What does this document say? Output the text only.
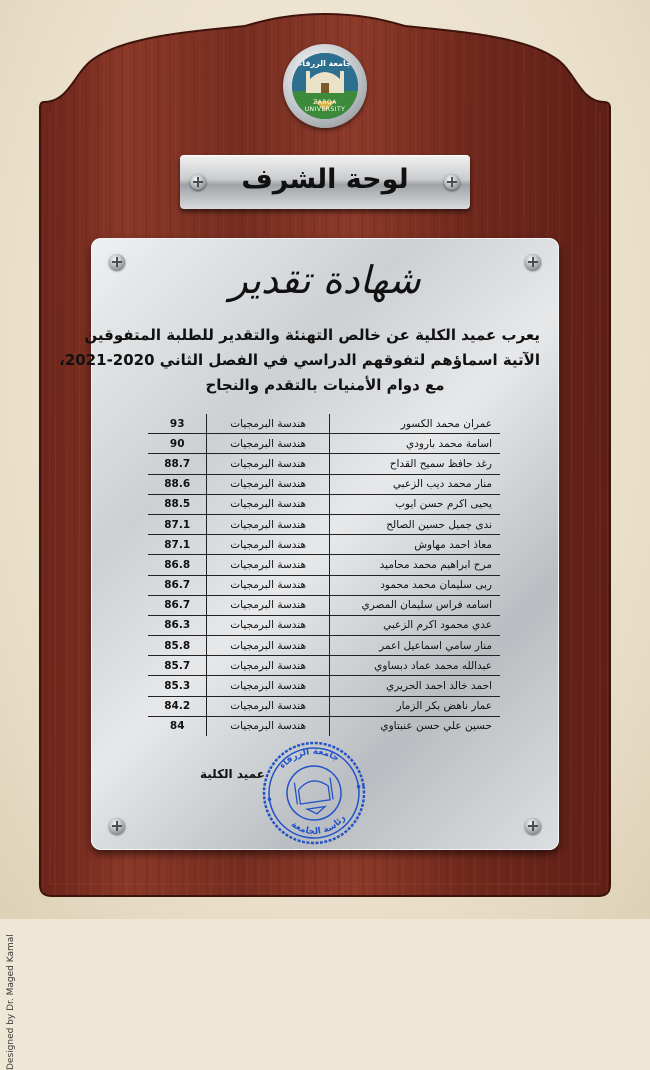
جامعة الزرقاء
ZARQA UNIVERSITY
لوحة الشرف
شهادة تقدير
يعرب عميد الكلية عن خالص التهنئة والتقدير للطلبة المتفوقين
الآتية اسماؤهم لتفوقهم الدراسي في الفصل الثاني 2020-2021،
مع دوام الأمنيات بالتقدم والنجاح
عمران محمد الكسور	هندسة البرمجيات	93
اسامة محمد بارودي	هندسة البرمجيات	90
رغد حافظ سميح القداح	هندسة البرمجيات	88.7
منار محمد ديب الزعبي	هندسة البرمجيات	88.6
يحيى اكرم حسن ايوب	هندسة البرمجيات	88.5
ندى جميل حسين الصالح	هندسة البرمجيات	87.1
معاذ احمد مهاوش	هندسة البرمجيات	87.1
مرح ابراهيم محمد محاميد	هندسة البرمجيات	86.8
ربى سليمان محمد محمود	هندسة البرمجيات	86.7
اسامه فراس سليمان المصري	هندسة البرمجيات	86.7
عدي محمود اكرم الزعبي	هندسة البرمجيات	86.3
منار سامي اسماعيل اعمر	هندسة البرمجيات	85.8
عبدالله محمد عماد دبساوي	هندسة البرمجيات	85.7
احمد خالد احمد الحريري	هندسة البرمجيات	85.3
عمار ناهض بكر الزمار	هندسة البرمجيات	84.2
حسين علي حسن عنبتاوي	هندسة البرمجيات	84
عميد الكلية
جامعة الزرقاء
رئاسة الجامعة
Designed by Dr. Maged Kamal
